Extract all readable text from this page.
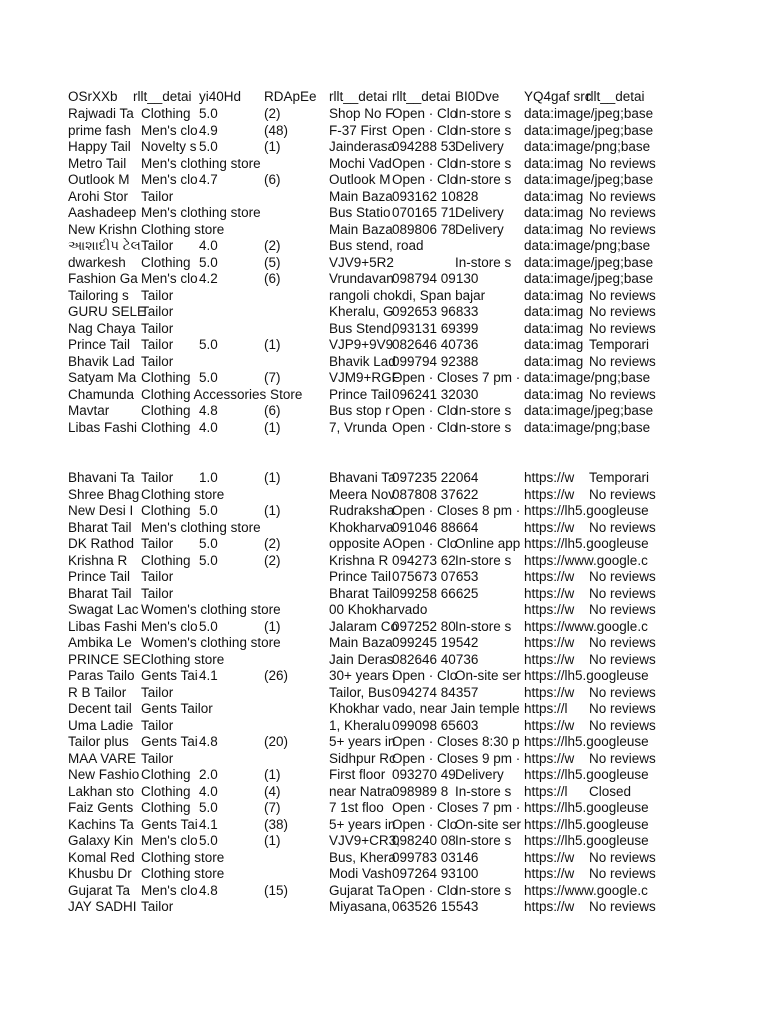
OSrXXb	rllt__detai yi40Hd	RDApEe rllt__detai rllt__detai BI0Dve	YQ4gaf src
rllt__detai
Rajwadi Ta Clothing 5.0	(2)	Shop No F
Open · Clo
In-store s data:image/jpeg;base
prime fash Men's clo 4.9	(48)	F-37 First Open · Clo
In-store s data:image/jpeg;base
Happy Tail Novelty s 5.0	(1)	Jainderasa
094288 53 Delivery	data:image/png;base
Metro Tail	Men's clothing store	Mochi Vad Open · Clo
In-store s data:imag No reviews
Outlook M Men's clo 4.7	(6)	Outlook M Open · Clo
In-store s data:image/jpeg;base
Arohi Stor Tailor	Main Baza 093162 10828	data:imag No reviews
Aashadeep Men's clothing store	Bus Statio 070165 71 Delivery	data:imag No reviews
New Krishn Clothing store	Main Baza 089806 78 Delivery	data:imag No reviews
આશાદીપ ટેલ Tailor	4.0	(2)	Bus stend, road	data:image/png;base
dwarkesh	Clothing 5.0	(5)	VJV9+5R2	In-store s data:image/jpeg;base
Fashion Ga Men's clo 4.2	(6)	Vrundavan
098794 09130	data:image/jpeg;base
Tailoring s Tailor	rangoli chokdi, Span bajar	data:imag No reviews
GURU SELE
Tailor	Kheralu, G
092653 96833	data:imag No reviews
Nag Chaya Tailor	Bus Stend,
093131 69399	data:imag No reviews
Prince Tail Tailor	5.0	(1)	VJP9+9V9
082646 40736	data:imag Temporari
Bhavik Lad Tailor	Bhavik Lad
099794 92388	data:imag No reviews
Satyam Ma Clothing 5.0	(7)	VJM9+RGF
Open · Closes 7 pm · data:image/png;base
Chamunda Clothing Accessories Store	Prince Tail 096241 32030	data:imag No reviews
Mavtar	Clothing 4.8	(6)	Bus stop r Open · Clo
In-store s data:image/jpeg;base
Libas Fashi Clothing 4.0	(1)	7, Vrunda Open · Clo
In-store s data:image/png;base
Bhavani Ta Tailor	1.0	(1)	Bhavani Ta
097235 22064	https://w	Temporari
Shree Bhag Clothing store	Meera Nov
087808 37622	https://w	No reviews
New Desi I Clothing 5.0	(1)	Rudraksha
Open · Closes 8 pm · https://lh5.googleuse
Bharat Tail Men's clothing store	Khokharva
091046 88664	https://w	No reviews
DK Rathod Tailor	5.0	(2)	opposite A Open · Clo
Online app https://lh5.googleuse
Krishna R	Clothing 5.0	(2)	Krishna R 094273 62 In-store s https://www.google.c
Prince Tail Tailor	Prince Tail 075673 07653	https://w	No reviews
Bharat Tail Tailor	Bharat Tail 099258 66625	https://w	No reviews
Swagat Lac Women's clothing store	00 Khokharvado	https://w	No reviews
Libas Fashi Men's clo 5.0	(1)	Jalaram Co
097252 80 In-store s https://www.google.c
Ambika Le Women's clothing store	Main Baza 099245 19542	https://w	No reviews
PRINCE SE Clothing store	Jain Deras
082646 40736	https://w	No reviews
Paras Tailo Gents Tai 4.1	(26)	30+ years i
Open · Clo
On-site ser https://lh5.googleuse
R B Tailor	Tailor	Tailor, Bus 094274 84357	https://w	No reviews
Decent tail Gents Tailor	Khokhar vado, near Jain temple https://l	No reviews
Uma Ladie Tailor	1, Kheralu 099098 65603	https://w	No reviews
Tailor plus Gents Tai 4.8	(20)	5+ years in
Open · Closes 8:30 p https://lh5.googleuse
MAA VARE Tailor	Sidhpur Rc
Open · Closes 9 pm · https://w	No reviews
New Fashio Clothing 2.0	(1)	First floor 093270 49 Delivery	https://lh5.googleuse
Lakhan sto Clothing 4.0	(4)	near Natra 098989 8 In-store s https://l	Closed
Faiz Gents Clothing 5.0	(7)	7 1st floo Open · Closes 7 pm · https://lh5.googleuse
Kachins Ta Gents Tai 4.1	(38)	5+ years in
Open · Clo
On-site ser https://lh5.googleuse
Galaxy Kin Men's clo 5.0	(1)	VJV9+CR3,
098240 08 In-store s https://lh5.googleuse
Komal Red Clothing store	Bus, Khera
099783 03146	https://w	No reviews
Khusbu Dr Clothing store	Modi Vash 097264 93100	https://w	No reviews
Gujarat Ta Men's clo 4.8	(15)	Gujarat Ta Open · Clo
In-store s https://www.google.c
JAY SADHI Tailor	Miyasana, 063526 15543	https://w	No reviews
